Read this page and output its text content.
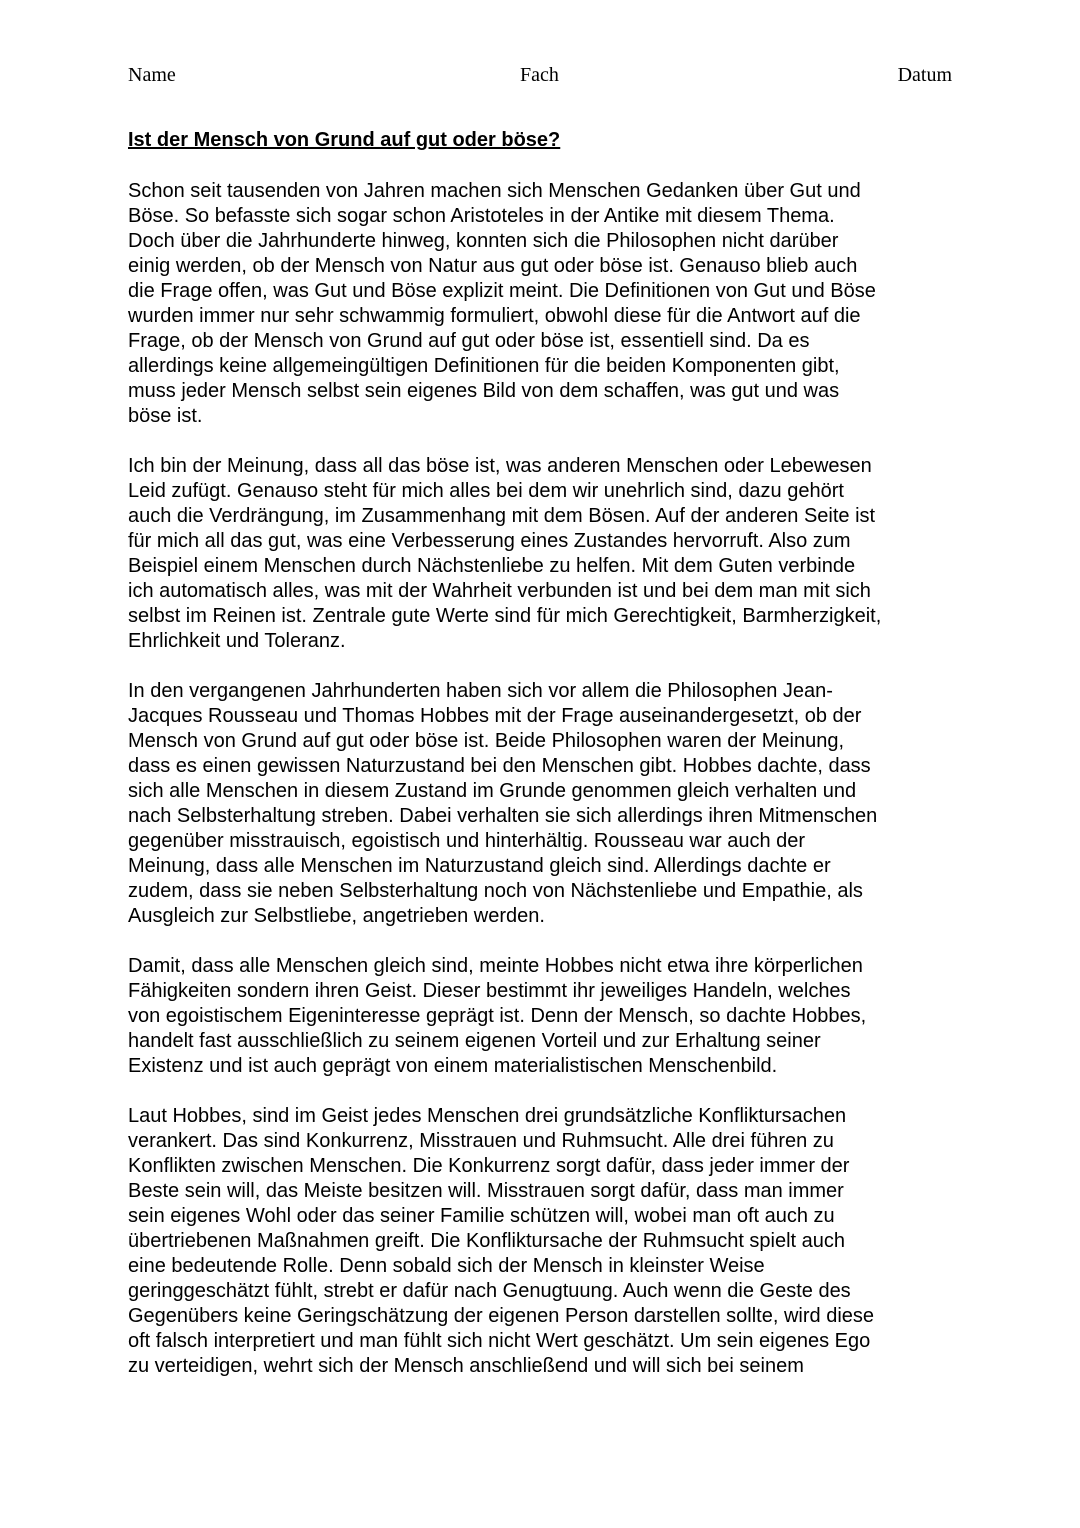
Name	Fach	Datum
Ist der Mensch von Grund auf gut oder böse?

Schon seit tausenden von Jahren machen sich Menschen Gedanken über Gut und
Böse. So befasste sich sogar schon Aristoteles in der Antike mit diesem Thema.
Doch über die Jahrhunderte hinweg, konnten sich die Philosophen nicht darüber
einig werden, ob der Mensch von Natur aus gut oder böse ist. Genauso blieb auch
die Frage offen, was Gut und Böse explizit meint. Die Definitionen von Gut und Böse
wurden immer nur sehr schwammig formuliert, obwohl diese für die Antwort auf die
Frage, ob der Mensch von Grund auf gut oder böse ist, essentiell sind. Da es
allerdings keine allgemeingültigen Definitionen für die beiden Komponenten gibt,
muss jeder Mensch selbst sein eigenes Bild von dem schaffen, was gut und was
böse ist.

Ich bin der Meinung, dass all das böse ist, was anderen Menschen oder Lebewesen
Leid zufügt. Genauso steht für mich alles bei dem wir unehrlich sind, dazu gehört
auch die Verdrängung, im Zusammenhang mit dem Bösen. Auf der anderen Seite ist
für mich all das gut, was eine Verbesserung eines Zustandes hervorruft. Also zum
Beispiel einem Menschen durch Nächstenliebe zu helfen. Mit dem Guten verbinde
ich automatisch alles, was mit der Wahrheit verbunden ist und bei dem man mit sich
selbst im Reinen ist. Zentrale gute Werte sind für mich Gerechtigkeit, Barmherzigkeit,
Ehrlichkeit und Toleranz.

In den vergangenen Jahrhunderten haben sich vor allem die Philosophen Jean-
Jacques Rousseau und Thomas Hobbes mit der Frage auseinandergesetzt, ob der
Mensch von Grund auf gut oder böse ist. Beide Philosophen waren der Meinung,
dass es einen gewissen Naturzustand bei den Menschen gibt. Hobbes dachte, dass
sich alle Menschen in diesem Zustand im Grunde genommen gleich verhalten und
nach Selbsterhaltung streben. Dabei verhalten sie sich allerdings ihren Mitmenschen
gegenüber misstrauisch, egoistisch und hinterhältig. Rousseau war auch der
Meinung, dass alle Menschen im Naturzustand gleich sind. Allerdings dachte er
zudem, dass sie neben Selbsterhaltung noch von Nächstenliebe und Empathie, als
Ausgleich zur Selbstliebe, angetrieben werden.

Damit, dass alle Menschen gleich sind, meinte Hobbes nicht etwa ihre körperlichen
Fähigkeiten sondern ihren Geist. Dieser bestimmt ihr jeweiliges Handeln, welches
von egoistischem Eigeninteresse geprägt ist. Denn der Mensch, so dachte Hobbes,
handelt fast ausschließlich zu seinem eigenen Vorteil und zur Erhaltung seiner
Existenz und ist auch geprägt von einem materialistischen Menschenbild.

Laut Hobbes, sind im Geist jedes Menschen drei grundsätzliche Konfliktursachen
verankert. Das sind Konkurrenz, Misstrauen und Ruhmsucht. Alle drei führen zu
Konflikten zwischen Menschen. Die Konkurrenz sorgt dafür, dass jeder immer der
Beste sein will, das Meiste besitzen will. Misstrauen sorgt dafür, dass man immer
sein eigenes Wohl oder das seiner Familie schützen will, wobei man oft auch zu
übertriebenen Maßnahmen greift. Die Konfliktursache der Ruhmsucht spielt auch
eine bedeutende Rolle. Denn sobald sich der Mensch in kleinster Weise
geringgeschätzt fühlt, strebt er dafür nach Genugtuung. Auch wenn die Geste des
Gegenübers keine Geringschätzung der eigenen Person darstellen sollte, wird diese
oft falsch interpretiert und man fühlt sich nicht Wert geschätzt. Um sein eigenes Ego
zu verteidigen, wehrt sich der Mensch anschließend und will sich bei seinem
